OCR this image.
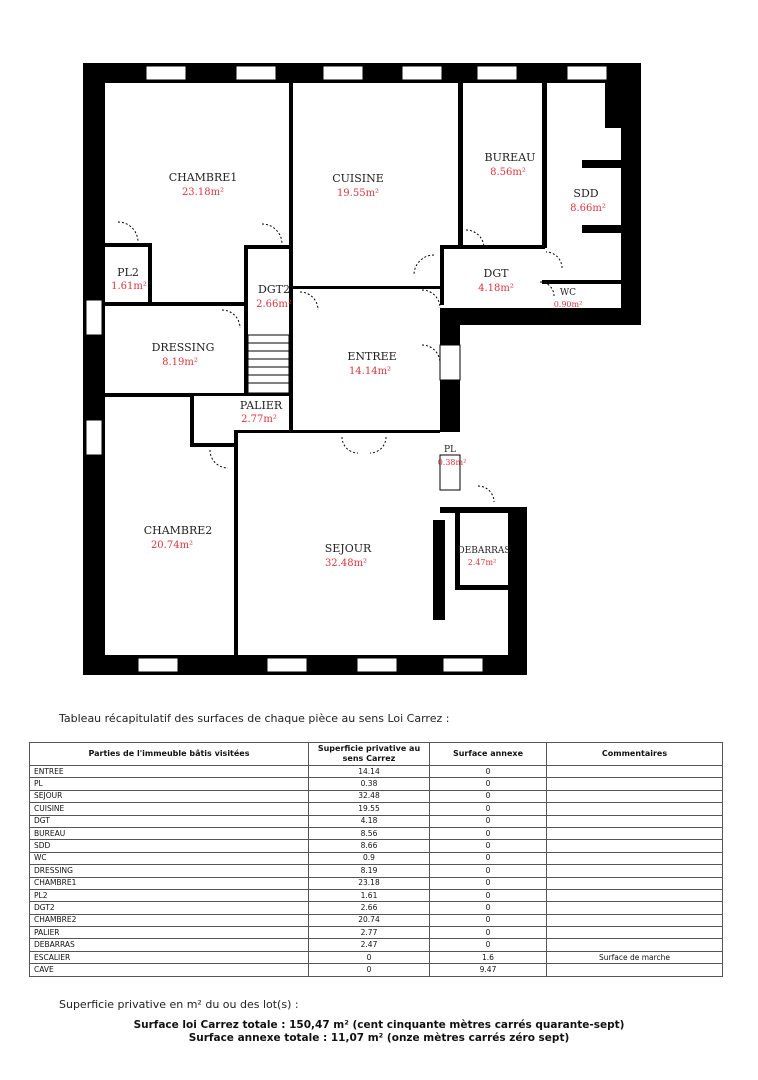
CHAMBRE1
23.18m²
CUISINE
19.55m²
BUREAU
8.56m²
SDD
8.66m²
PL2
1.61m²	DGT2
2.66m²
DGT
4.18m²	WC
0.90m²
DRESSING
8.19m²	ENTREE
14.14m²
PALIER
2.77m²
PL
0.38m²
CHAMBRE2
20.74m²	SEJOUR
32.48m²
DEBARRAS
2.47m²
Tableau récapitulatif des surfaces de chaque pièce au sens Loi Carrez :
Parties de l'immeuble bâtis visitées	Superficie privative au sens Carrez	Surface annexe	Commentaires
ENTREE	14.14	0	
PL	0.38	0	
SEJOUR	32.48	0	
CUISINE	19.55	0	
DGT	4.18	0	
BUREAU	8.56	0	
SDD	8.66	0	
WC	0.9	0	
DRESSING	8.19	0	
CHAMBRE1	23.18	0	
PL2	1.61	0	
DGT2	2.66	0	
CHAMBRE2	20.74	0	
PALIER	2.77	0	
DEBARRAS	2.47	0	
ESCALIER	0	1.6	Surface de marche
CAVE	0	9.47	
Superficie privative en m² du ou des lot(s) :
Surface loi Carrez totale : 150,47 m² (cent cinquante mètres carrés quarante-sept)
Surface annexe totale : 11,07 m² (onze mètres carrés zéro sept)
